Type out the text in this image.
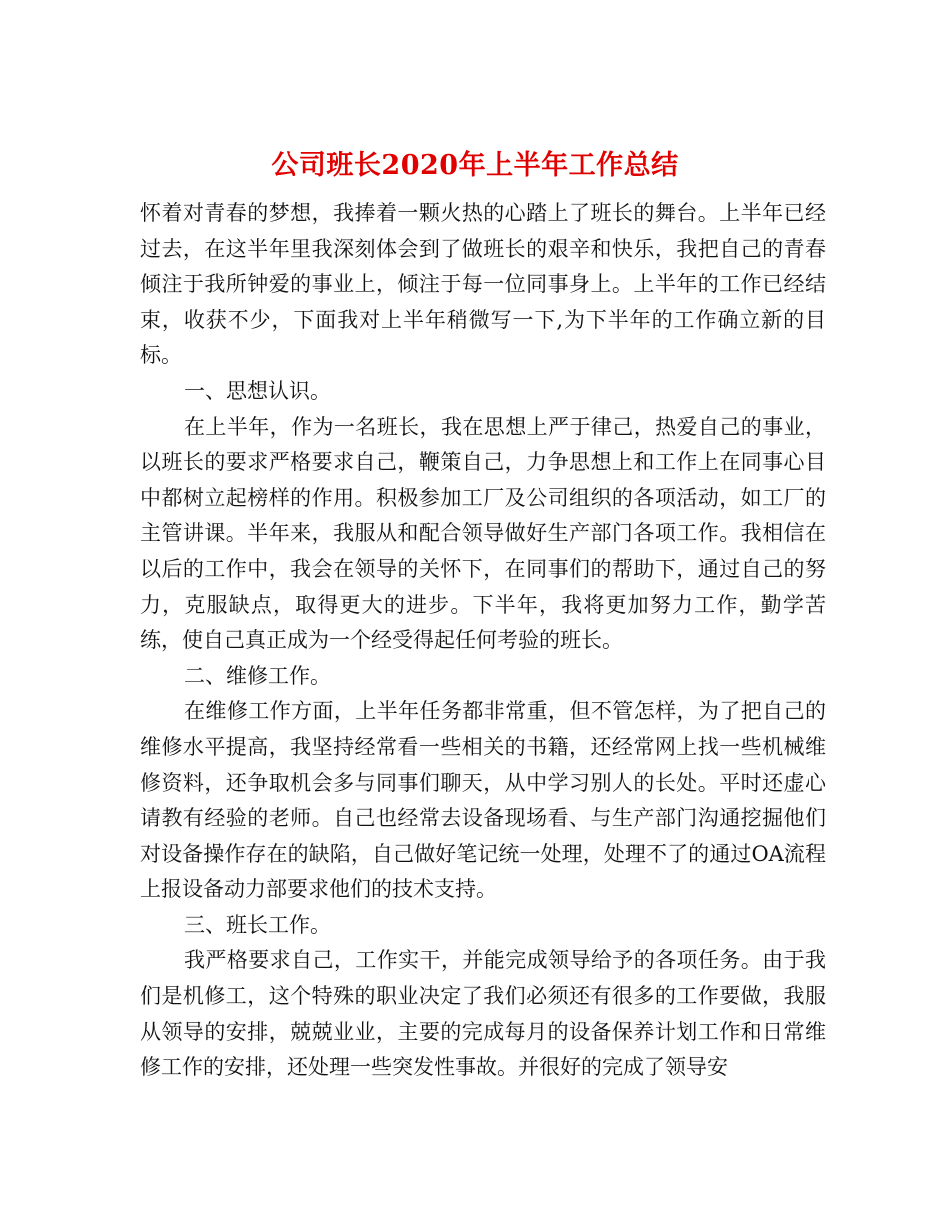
公司班长2020年上半年工作总结

怀着对青春的梦想，我捧着一颗火热的心踏上了班长的舞台。上半年已经过去，在这半年里我深刻体会到了做班长的艰辛和快乐，我把自己的青春倾注于我所钟爱的事业上，倾注于每一位同事身上。上半年的工作已经结束，收获不少，下面我对上半年稍微写一下,为下半年的工作确立新的目标。

一、思想认识。

在上半年，作为一名班长，我在思想上严于律己，热爱自己的事业，以班长的要求严格要求自己，鞭策自己，力争思想上和工作上在同事心目中都树立起榜样的作用。积极参加工厂及公司组织的各项活动，如工厂的主管讲课。半年来，我服从和配合领导做好生产部门各项工作。我相信在以后的工作中，我会在领导的关怀下，在同事们的帮助下，通过自己的努力，克服缺点，取得更大的进步。下半年，我将更加努力工作，勤学苦练，使自己真正成为一个经受得起任何考验的班长。

二、维修工作。

在维修工作方面，上半年任务都非常重，但不管怎样，为了把自己的维修水平提高，我坚持经常看一些相关的书籍，还经常网上找一些机械维修资料，还争取机会多与同事们聊天，从中学习别人的长处。平时还虚心请教有经验的老师。自己也经常去设备现场看、与生产部门沟通挖掘他们对设备操作存在的缺陷，自己做好笔记统一处理，处理不了的通过OA流程上报设备动力部要求他们的技术支持。

三、班长工作。

我严格要求自己，工作实干，并能完成领导给予的各项任务。由于我们是机修工，这个特殊的职业决定了我们必须还有很多的工作要做，我服从领导的安排，兢兢业业，主要的完成每月的设备保养计划工作和日常维修工作的安排，还处理一些突发性事故。并很好的完成了领导安
